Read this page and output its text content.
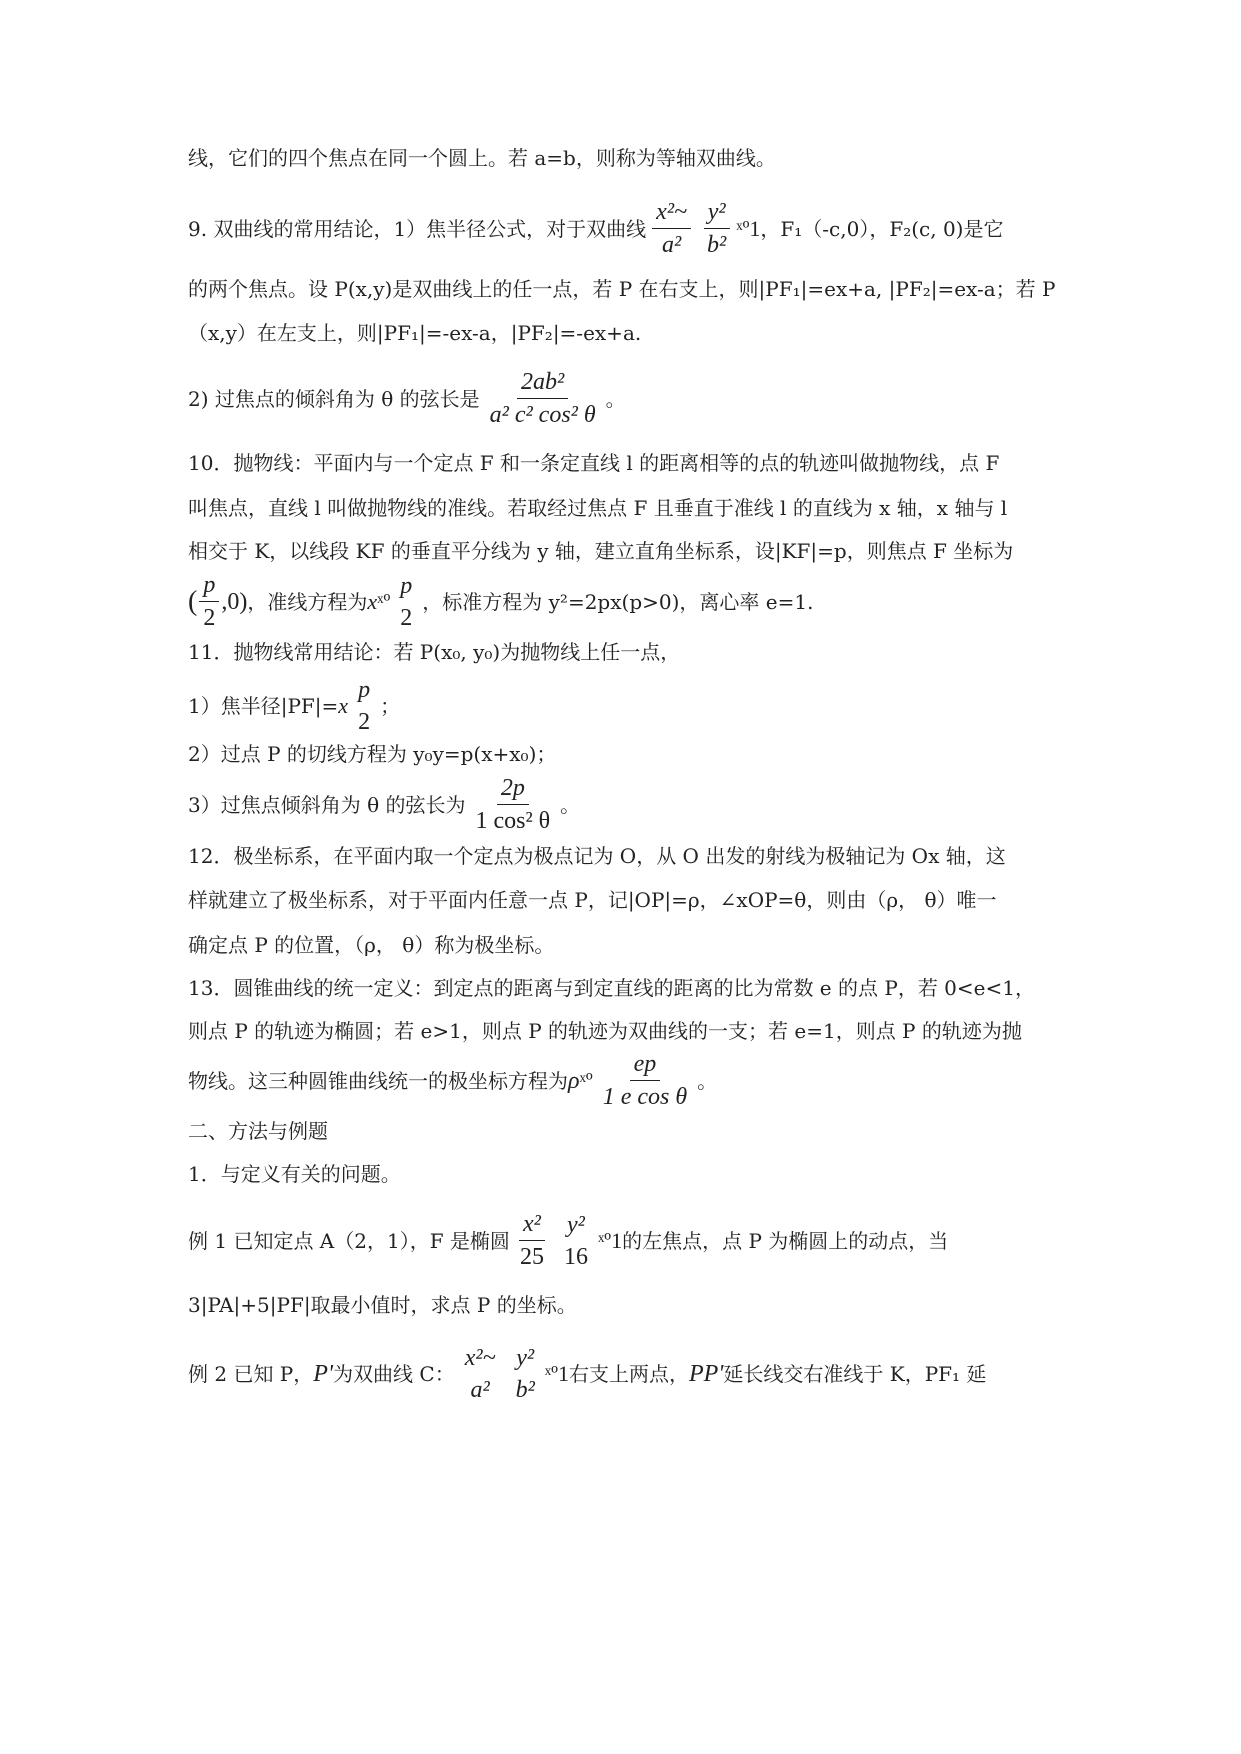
线，它们的四个焦点在同一个圆上。若 a=b，则称为等轴双曲线。
9. 双曲线的常用结论，1）焦半径公式，对于双曲线 $\frac{\text{x²\textasciitilde{}}}{\text{a²}} \frac{\text{y²}}{\text{b²}}$ ˣº1 ，F₁（-c,0），F₂(c, 0)是它
的两个焦点。设 P(x,y)是双曲线上的任一点，若 P 在右支上，则|PF₁|=ex+a, |PF₂|=ex-a；若 P
（x,y）在左支上，则|PF₁|=-ex-a，|PF₂|=-ex+a.
2) 过焦点的倾斜角为 θ 的弦长是 $\frac{\text{2ab²}}{\text{a² c² cos² θ}}$ 。
10．抛物线：平面内与一个定点 F 和一条定直线 l 的距离相等的点的轨迹叫做抛物线，点 F
叫焦点，直线 l 叫做抛物线的准线。若取经过焦点 F 且垂直于准线 l 的直线为 x 轴，x 轴与 l
相交于 K，以线段 KF 的垂直平分线为 y 轴，建立直角坐标系，设|KF|=p，则焦点 F 坐标为
( $\frac{p}{2} ,0$) ，准线方程为 x ˣº
p
2
，标准方程为 y²=2px(p>0)，离心率 e=1.
11．抛物线常用结论：若 P(x₀, y₀)为抛物线上任一点，
1）焦半径|PF|= x
p
2
；
2）过点 P 的切线方程为 y₀y=p(x+x₀)；
3）过焦点倾斜角为 θ 的弦长为 $\frac{2p}{\text{1 cos² θ}}$ 。
12．极坐标系，在平面内取一个定点为极点记为 O，从 O 出发的射线为极轴记为 Ox 轴，这
样就建立了极坐标系，对于平面内任意一点 P，记|OP|=ρ，∠xOP=θ，则由（ρ， θ）唯一
确定点 P 的位置，（ρ， θ）称为极坐标。
13．圆锥曲线的统一定义：到定点的距离与到定直线的距离的比为常数 e 的点 P，若 0<e<1，
则点 P 的轨迹为椭圆；若 e>1，则点 P 的轨迹为双曲线的一支；若 e=1，则点 P 的轨迹为抛
物线。这三种圆锥曲线统一的极坐标方程为 ρ ˣº $\frac{ep}{\text{1 e cos θ}}$ 。
二、方法与例题
1．与定义有关的问题。
例 1 已知定点 A（2，1），F 是椭圆 $\frac{\text{x²}}{25} y^2$
16
ˣº1 的左焦点，点 P 为椭圆上的动点，当
3|PA|+5|PF|取最小值时，求点 P 的坐标。
例 2 已知 P， P' 为双曲线 C：
x²~
a²
y²
b²
ˣº1 右支上两点， PP' 延长线交右准线于 K，PF₁ 延
